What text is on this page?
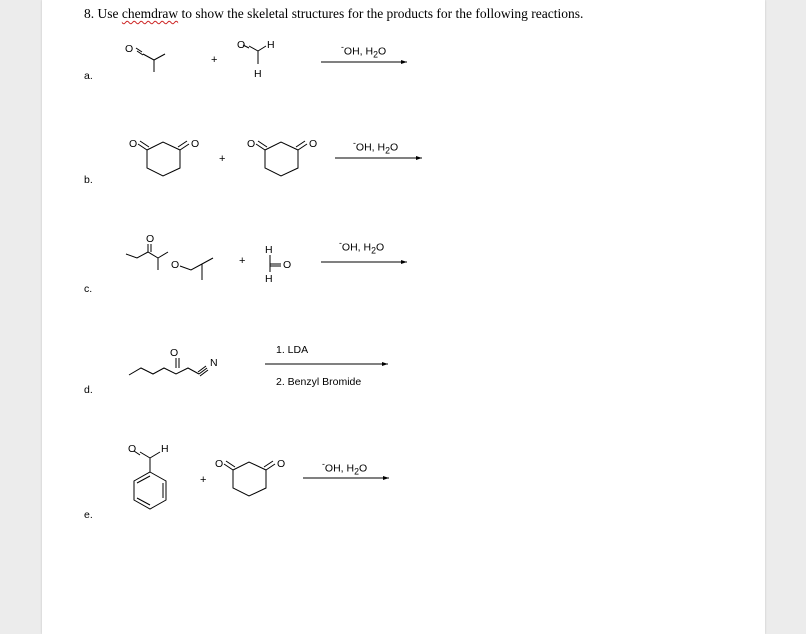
8. Use chemdraw to show the skeletal structures for the products for the following reactions.
a.
b.
c.
d.
e.
+
+
+
+
-OH, $H_2O$
-OH, $H_2O$
-OH, $H_2O$
1. LDA
2. Benzyl Bromide
-OH, $H_2O$
O	O H
H
O	O	O	O
O
O
H
O
H
O
N
O H
O	O
